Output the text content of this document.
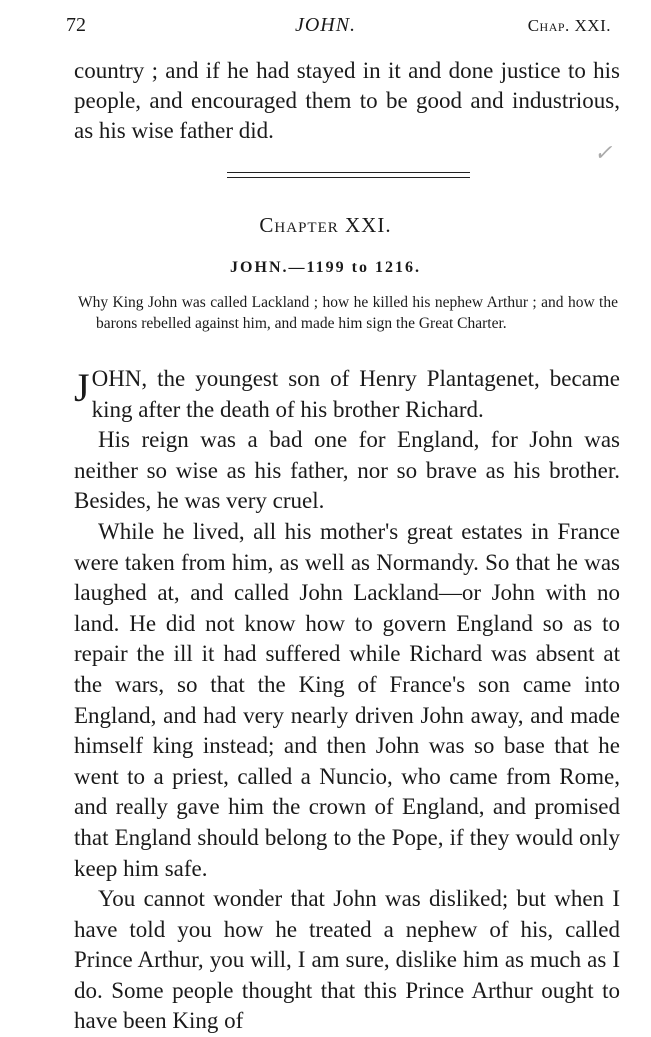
72	JOHN.	Chap. XXI.
country ; and if he had stayed in it and done justice to his people, and encouraged them to be good and industrious, as his wise father did.
✓
Chapter XXI.
JOHN.—1199 to 1216.
Why King John was called Lackland ; how he killed his nephew Arthur ; and how the barons rebelled against him, and made him sign the Great Charter.

JOHN, the youngest son of Henry Plantagenet, became king after the death of his brother Richard.

His reign was a bad one for England, for John was neither so wise as his father, nor so brave as his brother. Besides, he was very cruel.

While he lived, all his mother's great estates in France were taken from him, as well as Normandy. So that he was laughed at, and called John Lackland—or John with no land. He did not know how to govern England so as to repair the ill it had suffered while Richard was absent at the wars, so that the King of France's son came into England, and had very nearly driven John away, and made himself king instead; and then John was so base that he went to a priest, called a Nuncio, who came from Rome, and really gave him the crown of England, and promised that England should belong to the Pope, if they would only keep him safe.

You cannot wonder that John was disliked; but when I have told you how he treated a nephew of his, called Prince Arthur, you will, I am sure, dislike him as much as I do. Some people thought that this Prince Arthur ought to have been King of
